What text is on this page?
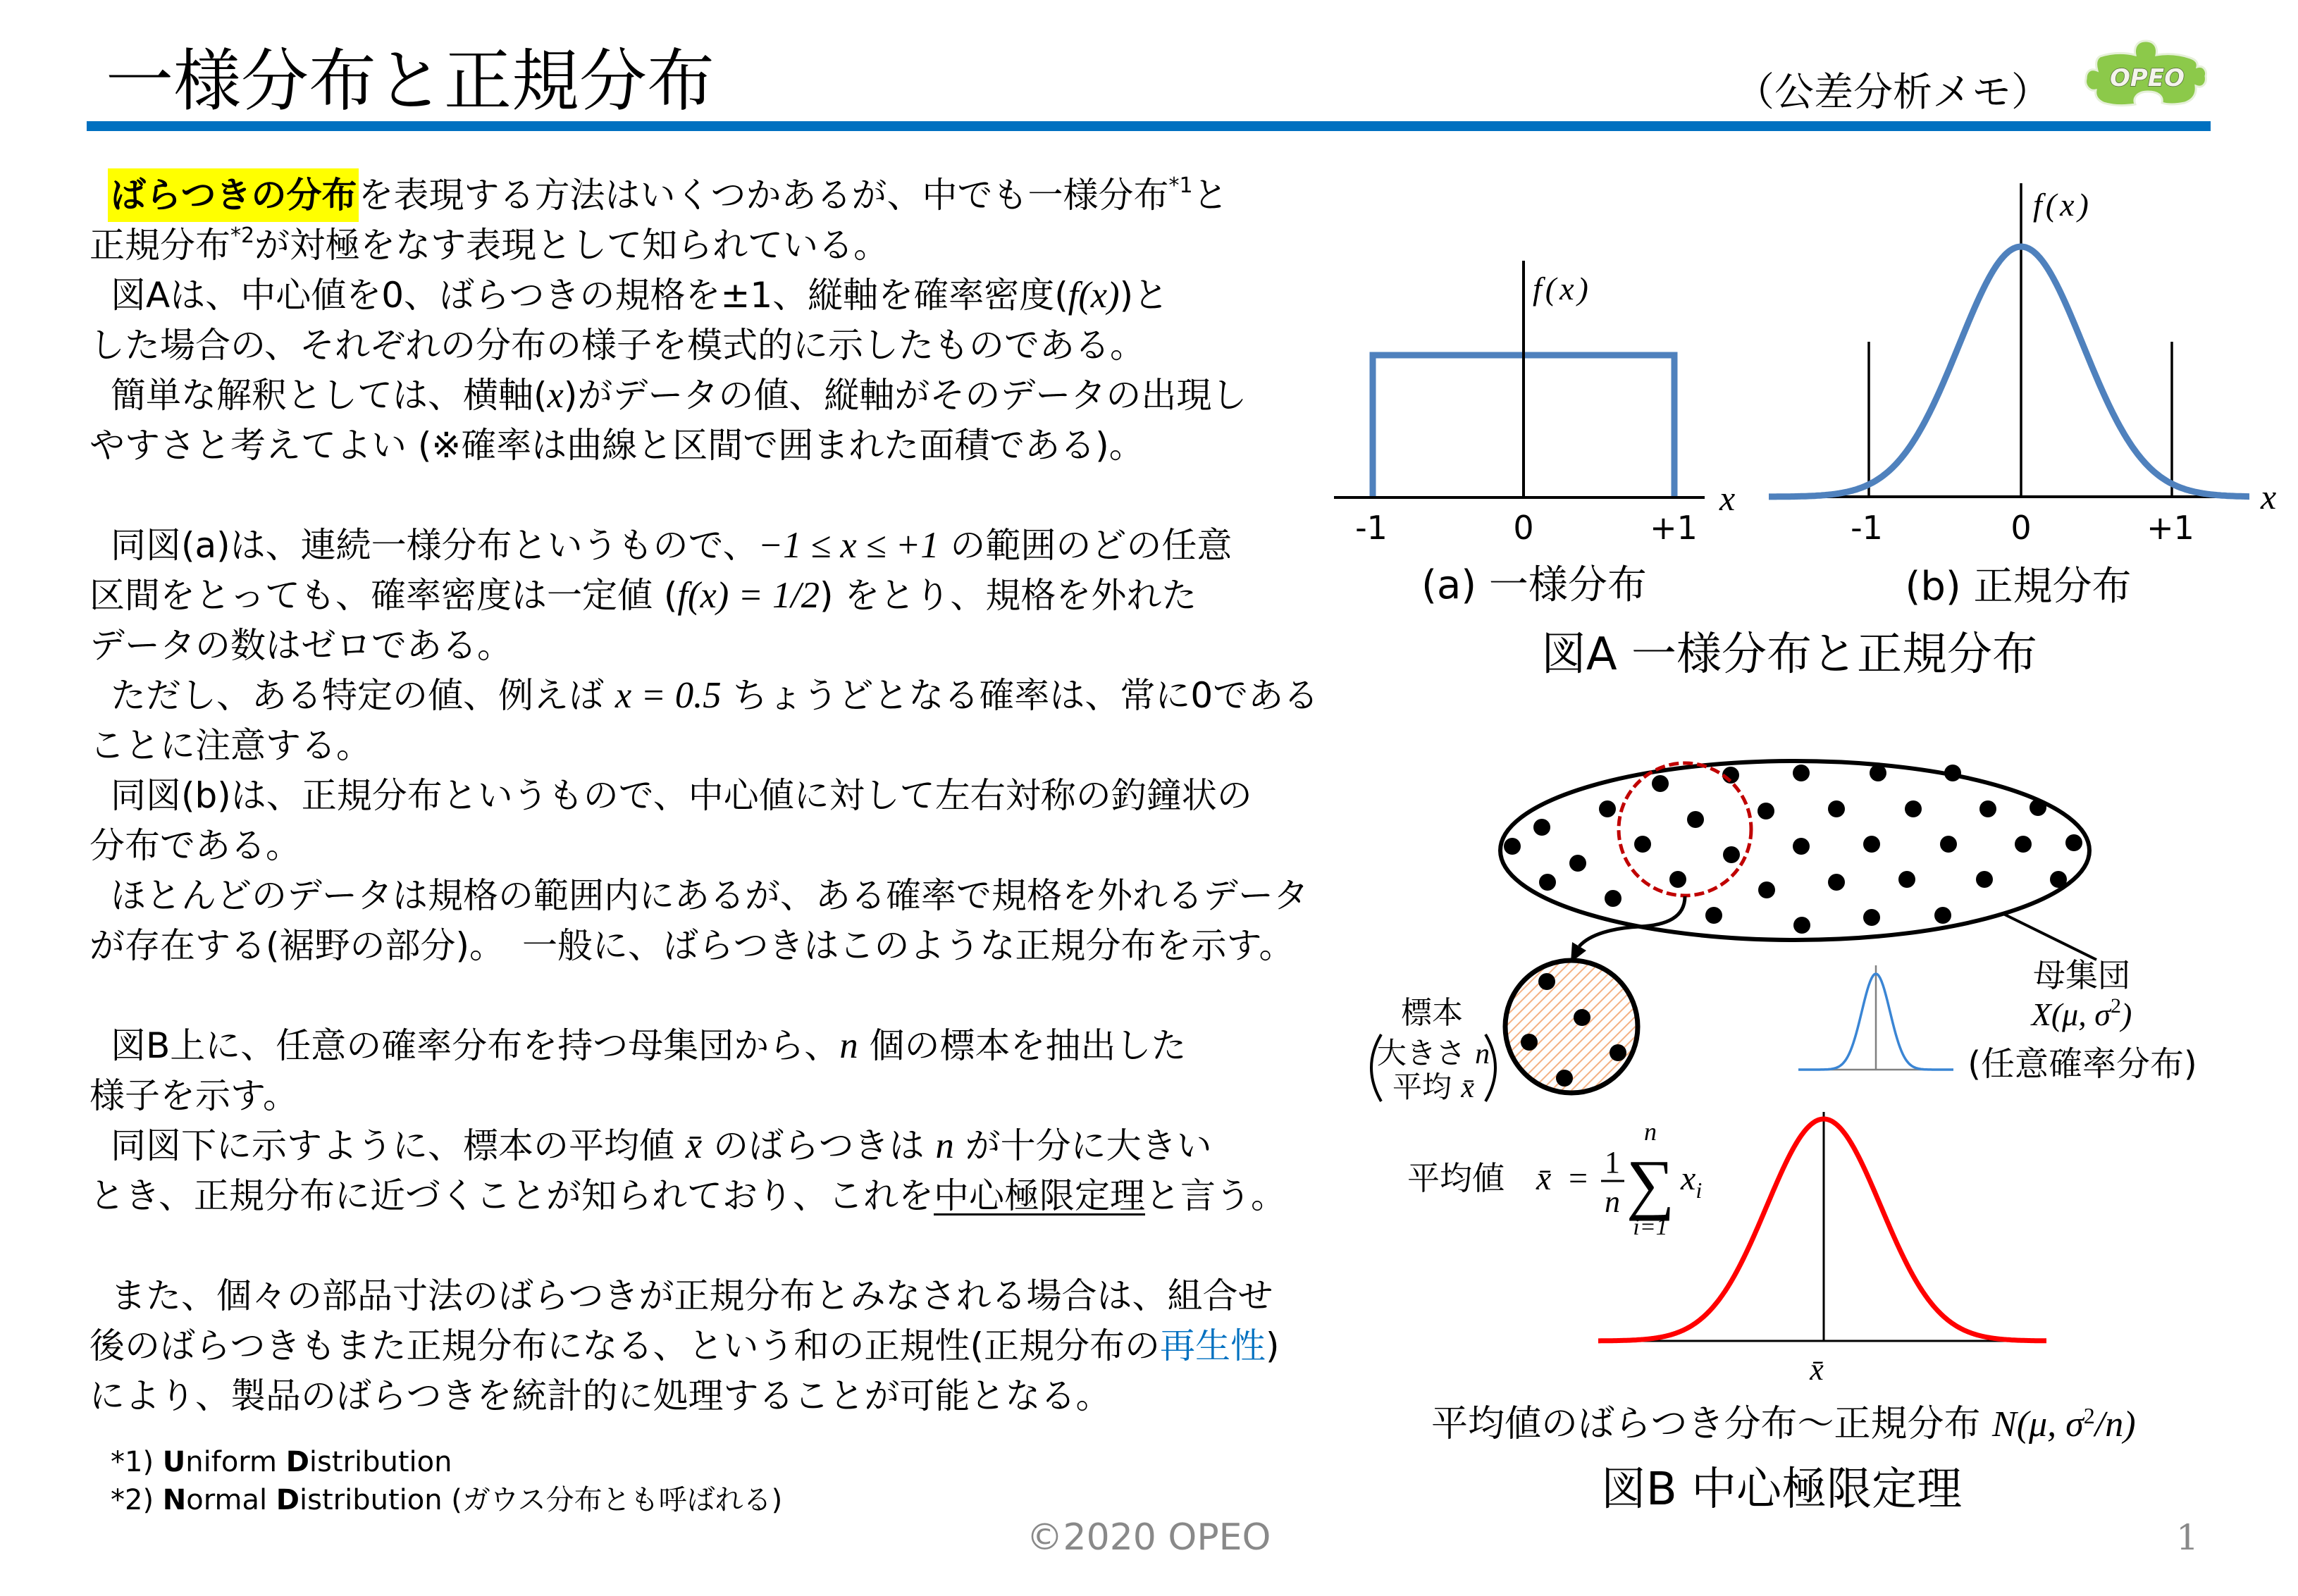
一様分布と正規分布	（公差分析メモ） OPEO
ばらつきの分布を表現する方法はいくつかあるが、中でも一様分布$^{*1}$と
正規分布$^{*2}$が対極をなす表現として知られている。
図Aは、中心値を0、ばらつきの規格を±1、縦軸を確率密度(f(x))と
した場合の、それぞれの分布の様子を模式的に示したものである。
簡単な解釈としては、横軸(x)がデータの値、縦軸がそのデータの出現し
やすさと考えてよい (※確率は曲線と区間で囲まれた面積である)。
同図(a)は、連続一様分布というもので、−1 ≤ x ≤ +1 の範囲のどの任意
区間をとっても、確率密度は一定値 (f(x) = 1/2) をとり、規格を外れた
データの数はゼロである。
ただし、ある特定の値、例えば x = 0.5 ちょうどとなる確率は、常に0である
ことに注意する。
同図(b)は、正規分布というもので、中心値に対して左右対称の釣鐘状の
分布である。
ほとんどのデータは規格の範囲内にあるが、ある確率で規格を外れるデータ
が存在する(裾野の部分)。　一般に、ばらつきはこのような正規分布を示す。
図B上に、任意の確率分布を持つ母集団から、n 個の標本を抽出した
様子を示す。
同図下に示すように、標本の平均値 x̄ のばらつきは n が十分に大きい
とき、正規分布に近づくことが知られており、これを中心極限定理と言う。
また、個々の部品寸法のばらつきが正規分布とみなされる場合は、組合せ
後のばらつきもまた正規分布になる、という和の正規性(正規分布の再生性)
により、製品のばらつきを統計的に処理することが可能となる。
*1) Uniform Distribution
*2) Normal Distribution (ガウス分布とも呼ばれる)
f(x)
x
-1	0	+1
(a) 一様分布
f(x)
x
-1	0	+1
(b) 正規分布
図A 一様分布と正規分布
標本
大きさ n
平均 x̄
母集団
X(μ, $\sigma^2$)
(任意確率分布)
平均値 x̄ = 1
n ∑
n
i=1
$x_i$
x̄
平均値のばらつき分布〜正規分布 N(μ, $\sigma^2/n$)
図B 中心極限定理
©2020 OPEO	1
